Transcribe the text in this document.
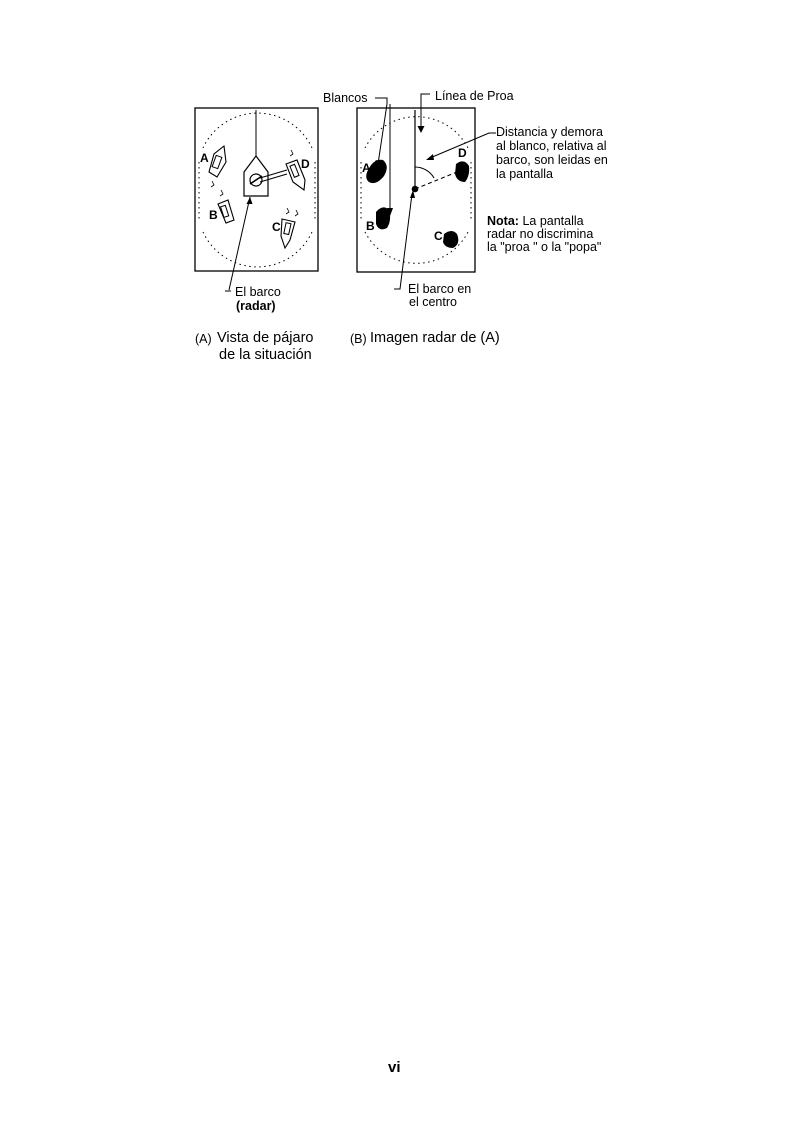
A
B
C
D
El barco
(radar)
(A) Vista de pájaro
de la situación
Blancos	Línea de Proa
A
B
C
D
Distancia y demora
al blanco, relativa al
barco, son leidas en
la pantalla
Nota: La pantalla
radar no discrimina
la "proa " o la "popa"
El barco en
el centro
(B) Imagen radar de (A)
vi
